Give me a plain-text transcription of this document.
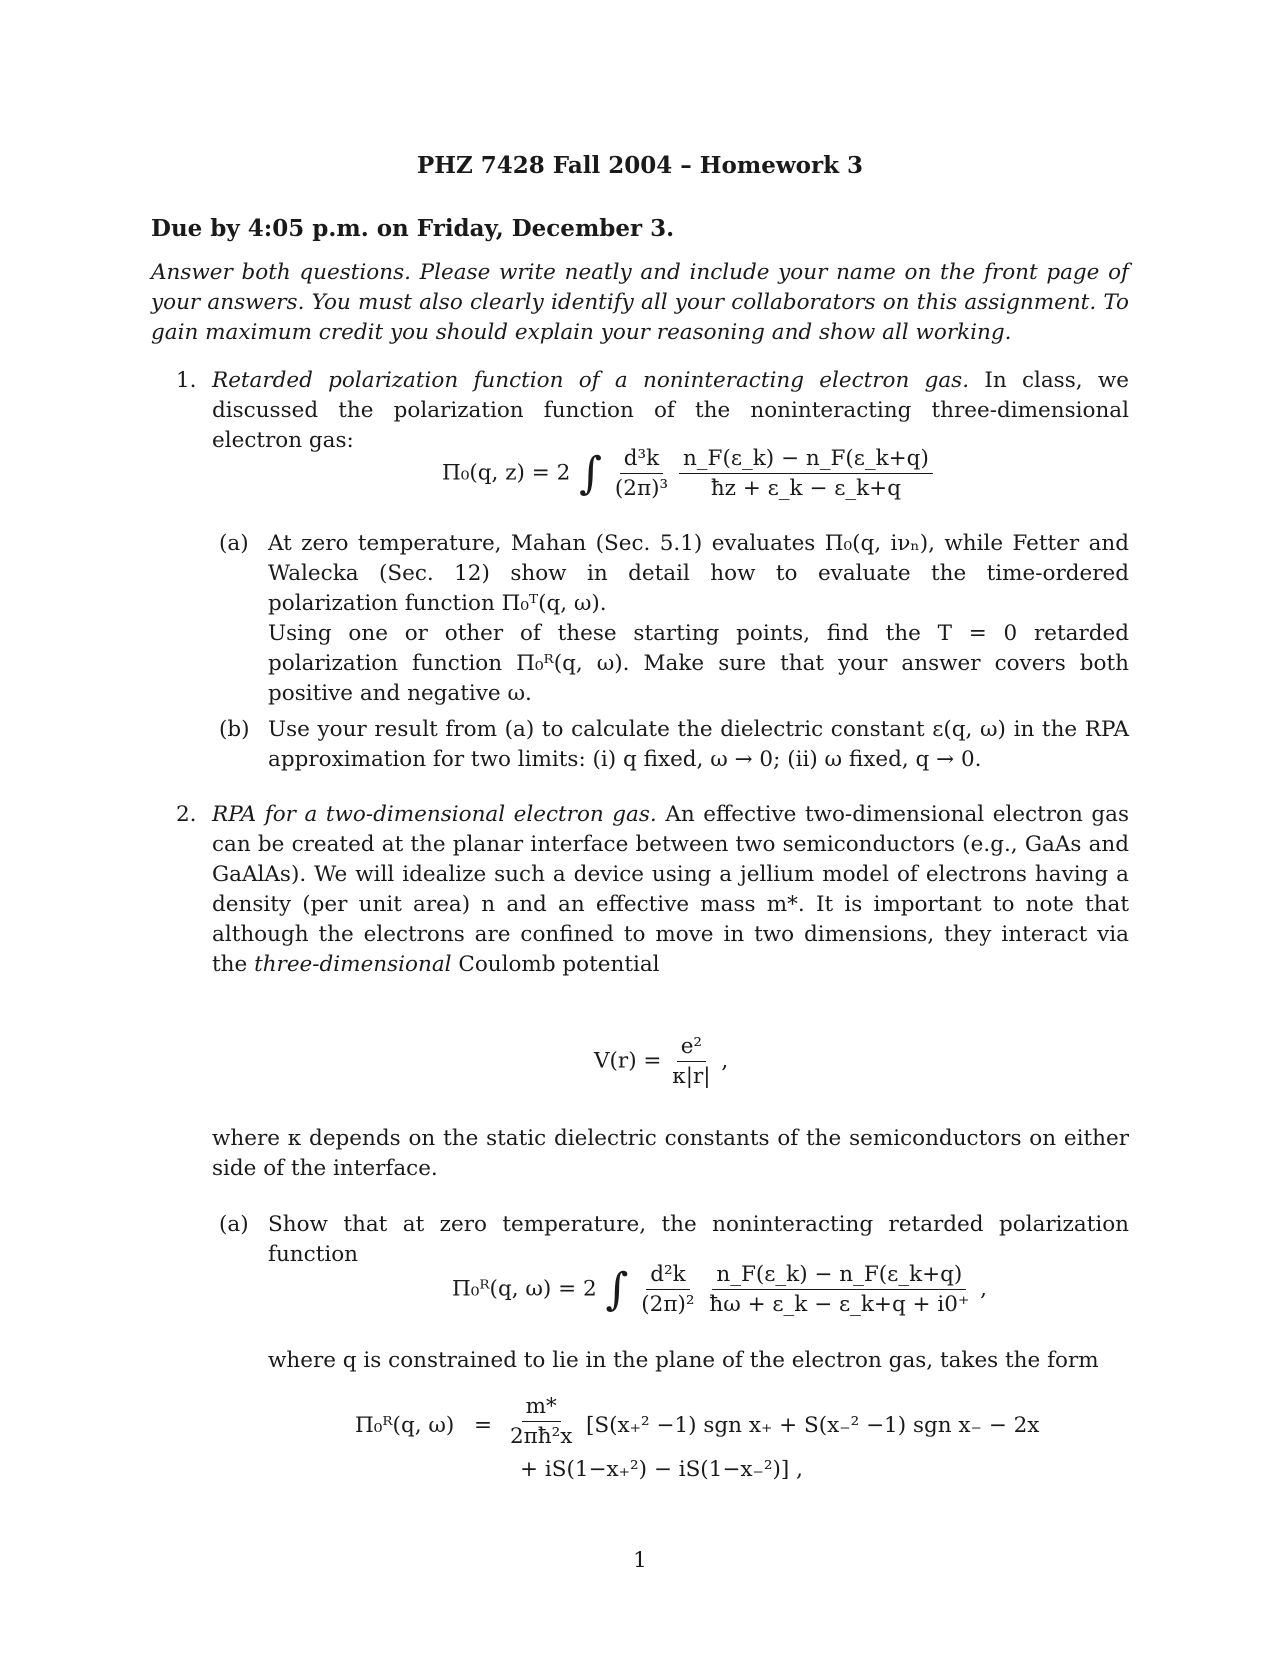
PHZ 7428 Fall 2004 – Homework 3
Due by 4:05 p.m. on Friday, December 3.
Answer both questions. Please write neatly and include your name on the front page of your answers. You must also clearly identify all your collaborators on this assignment. To gain maximum credit you should explain your reasoning and show all working.
1. Retarded polarization function of a noninteracting electron gas. In class, we discussed the polarization function of the noninteracting three-dimensional electron gas:
Π₀(q, z) = 2 ∫ $\frac{\text{d³k}}{\text{(2π)³}}$
$\frac{n\_F(\varepsilon\_k) - n\_F(\varepsilon\_k+q)}{ħz + \varepsilon\_k - \varepsilon\_k+q}$
(a) At zero temperature, Mahan (Sec. 5.1) evaluates Π₀(q, iνₙ), while Fetter and Walecka (Sec. 12) show in detail how to evaluate the time-ordered polarization function Π₀ᵀ(q, ω).
Using one or other of these starting points, find the T = 0 retarded polarization function Π₀ᴿ(q, ω). Make sure that your answer covers both positive and negative ω.
(b) Use your result from (a) to calculate the dielectric constant ε(q, ω) in the RPA approximation for two limits: (i) q fixed, ω → 0; (ii) ω fixed, q → 0.
2. RPA for a two-dimensional electron gas. An effective two-dimensional electron gas can be created at the planar interface between two semiconductors (e.g., GaAs and GaAlAs). We will idealize such a device using a jellium model of electrons having a density (per unit area) n and an effective mass m*. It is important to note that although the electrons are confined to move in two dimensions, they interact via the three-dimensional Coulomb potential
$V(r) = \frac{\text{e²}}{\kappa|r|}$ ,
where κ depends on the static dielectric constants of the semiconductors on either side of the interface.
(a) Show that at zero temperature, the noninteracting retarded polarization function
Π₀ᴿ(q, ω) = 2 ∫ $\frac{\text{d²k}}{\text{(2π)²}}$
$\frac{n\_F(\varepsilon\_k) - n\_F(\varepsilon\_k+q)}{ħ\omega + \varepsilon\_k - \varepsilon\_k+q + i0^+}$ ,
where q is constrained to lie in the plane of the electron gas, takes the form
Π₀ᴿ(q, $\omega) = \frac{m*}{\text{2πħ²x}} [S(x_+^2 -1)$ sgn x₊ + S(x₋² −1) sgn x₋ − 2x
+ iS(1−x₊²) − iS(1−x₋²)] ,
1
